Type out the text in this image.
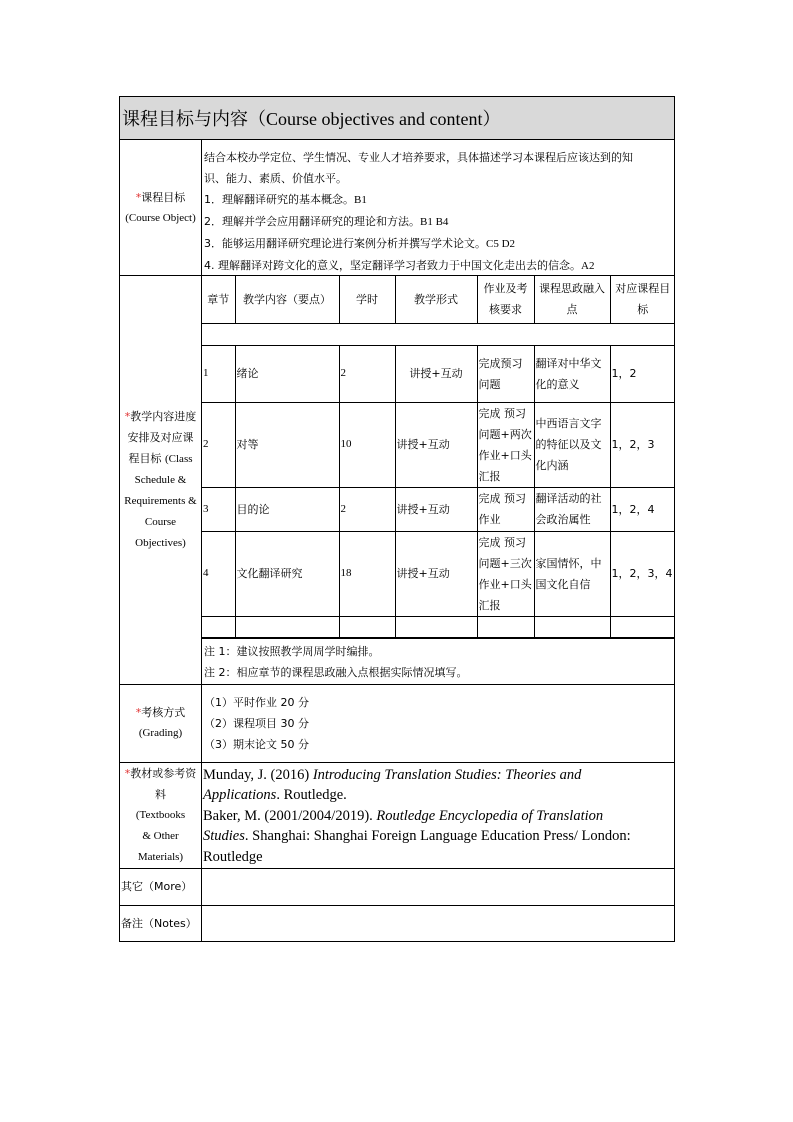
课程目标与内容（Course objectives and content）
*课程目标
(Course Object)
结合本校办学定位、学生情况、专业人才培养要求，具体描述学习本课程后应该达到的知
识、能力、素质、价值水平。
1．理解翻译研究的基本概念。B1
2．理解并学会应用翻译研究的理论和方法。B1 B4
3．能够运用翻译研究理论进行案例分析并撰写学术论文。C5 D2
4. 理解翻译对跨文化的意义，坚定翻译学习者致力于中国文化走出去的信念。A2
*教学内容进度
安排及对应课
程目标 (Class
Schedule &
Requirements &
Course
Objectives)
章节	教学内容（要点）	学时	教学形式	作业及考核要求	课程思政融入点	对应课程目标

1	绪论	2	讲授+互动	完成预习问题	翻译对中华文化的意义	1，2
2	对等	10	讲授+互动	完成 预习问题+两次作业+口头汇报	中西语言文字的特征以及文化内涵	1，2，3
3	目的论	2	讲授+互动	完成 预习作业	翻译活动的社会政治属性	1，2，4
4	文化翻译研究	18	讲授+互动	完成 预习问题+三次作业+口头汇报	家国情怀，中国文化自信	1，2，3，4

注 1：建议按照教学周周学时编排。
注 2：相应章节的课程思政融入点根据实际情况填写。
*考核方式
(Grading)
（1）平时作业 20 分
（2）课程项目 30 分
（3）期末论文 50 分
*教材或参考资料
(Textbooks
& Other
Materials)
Munday, J. (2016) Introducing Translation Studies: Theories and
Applications. Routledge.
Baker, M. (2001/2004/2019). Routledge Encyclopedia of Translation
Studies. Shanghai: Shanghai Foreign Language Education Press/ London:
Routledge
其它（More）
备注（Notes）
